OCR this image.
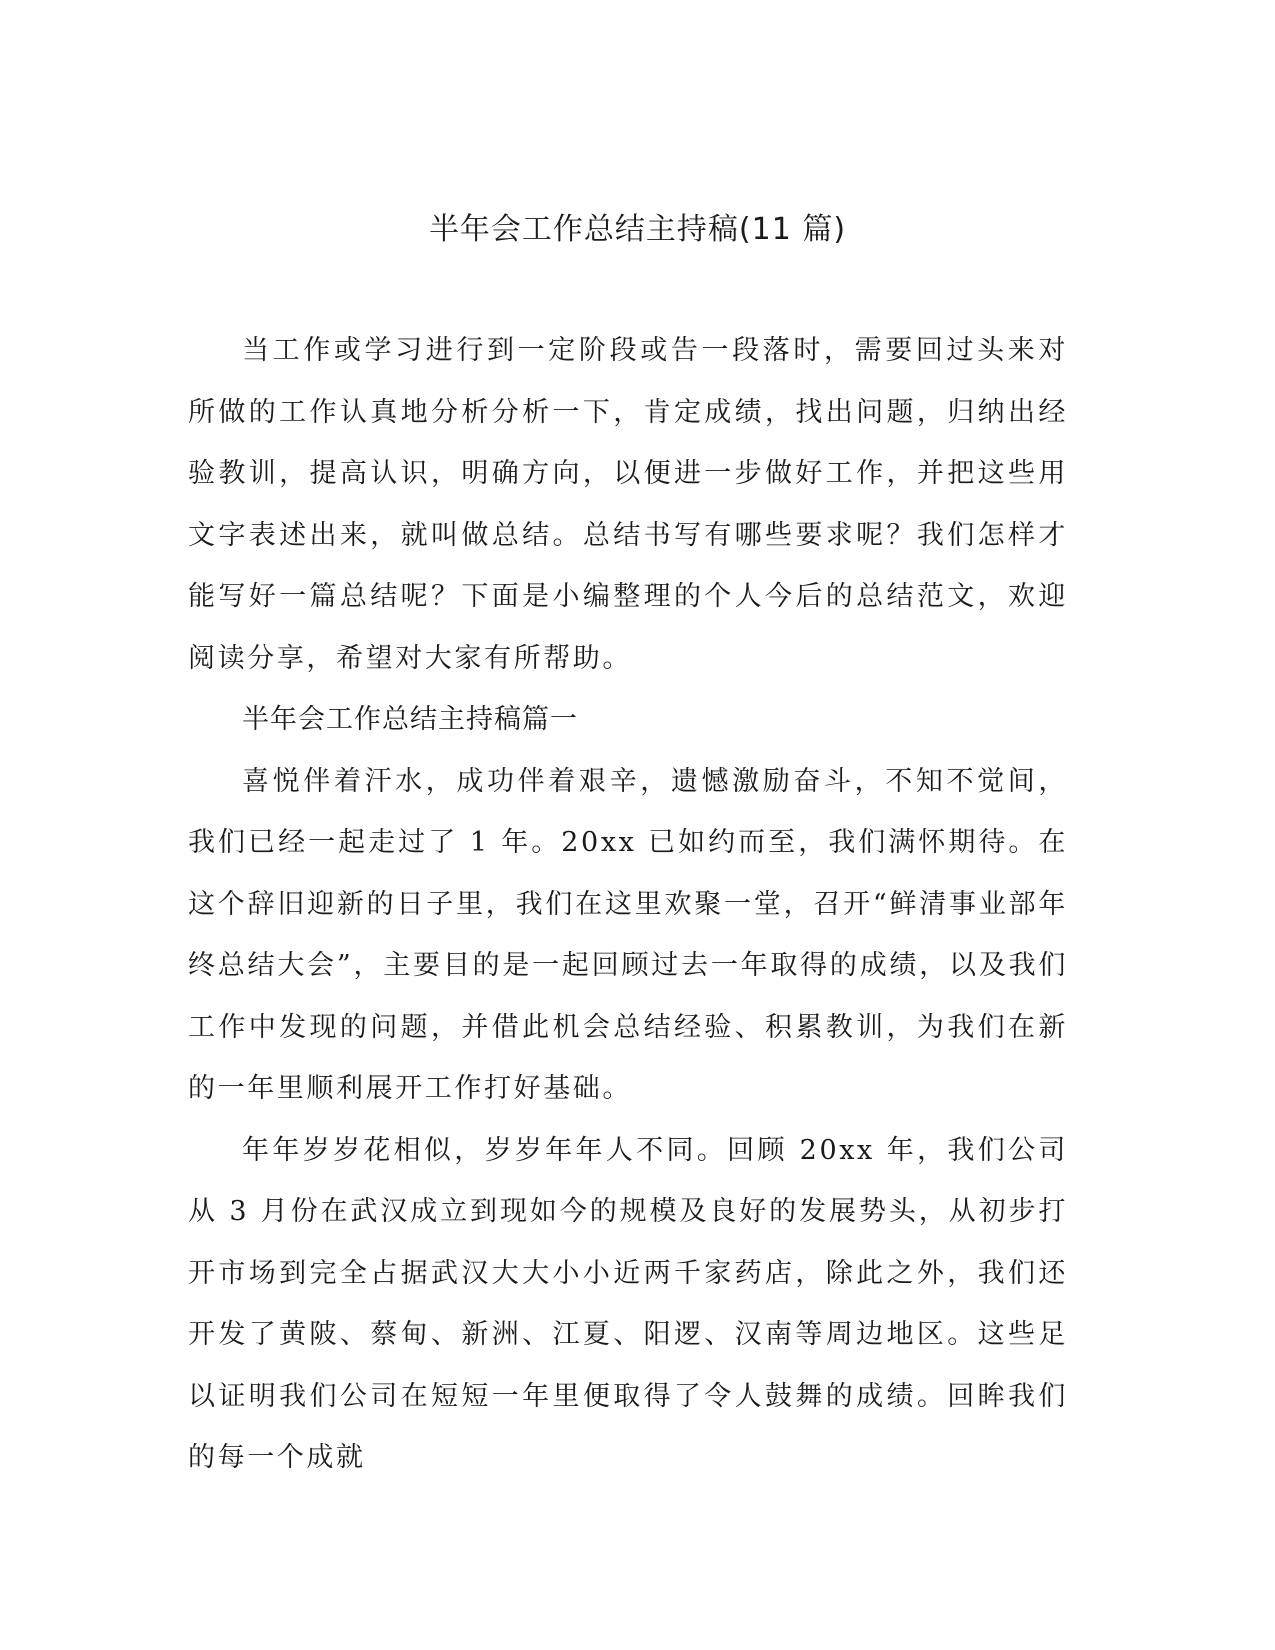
半年会工作总结主持稿(11 篇)

当工作或学习进行到一定阶段或告一段落时，需要回过头来对所做的工作认真地分析分析一下，肯定成绩，找出问题，归纳出经验教训，提高认识，明确方向，以便进一步做好工作，并把这些用文字表述出来，就叫做总结。总结书写有哪些要求呢？我们怎样才能写好一篇总结呢？下面是小编整理的个人今后的总结范文，欢迎阅读分享，希望对大家有所帮助。

半年会工作总结主持稿篇一

喜悦伴着汗水，成功伴着艰辛，遗憾激励奋斗，不知不觉间，我们已经一起走过了 1 年。20xx 已如约而至，我们满怀期待。在这个辞旧迎新的日子里，我们在这里欢聚一堂，召开“鲜清事业部年终总结大会”，主要目的是一起回顾过去一年取得的成绩，以及我们工作中发现的问题，并借此机会总结经验、积累教训，为我们在新的一年里顺利展开工作打好基础。

年年岁岁花相似，岁岁年年人不同。回顾 20xx 年，我们公司从 3 月份在武汉成立到现如今的规模及良好的发展势头，从初步打开市场到完全占据武汉大大小小近两千家药店，除此之外，我们还开发了黄陂、蔡甸、新洲、江夏、阳逻、汉南等周边地区。这些足以证明我们公司在短短一年里便取得了令人鼓舞的成绩。回眸我们的每一个成就
